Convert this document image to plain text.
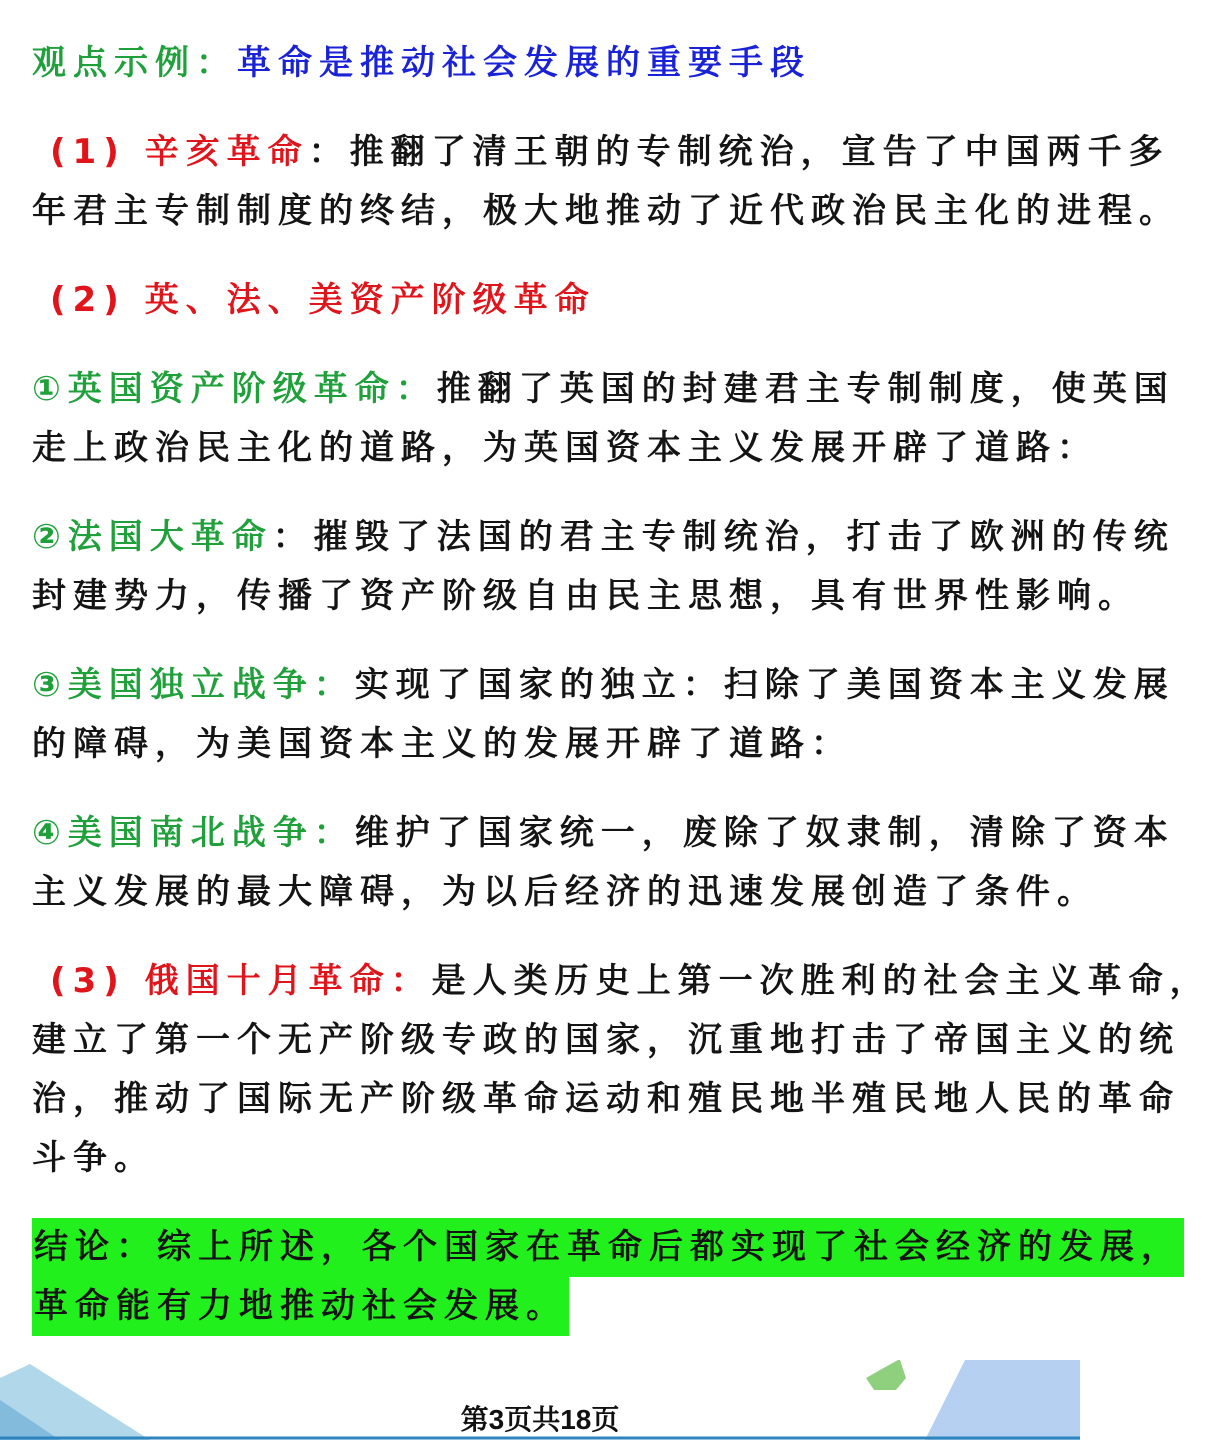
观点示例：革命是推动社会发展的重要手段
(1) 辛亥革命：推翻了清王朝的专制统治，宣告了中国两千多
年君主专制制度的终结，极大地推动了近代政治民主化的进程。
(2) 英、法、美资产阶级革命
①英国资产阶级革命：推翻了英国的封建君主专制制度，使英国
走上政治民主化的道路，为英国资本主义发展开辟了道路：
②法国大革命：摧毁了法国的君主专制统治，打击了欧洲的传统
封建势力，传播了资产阶级自由民主思想，具有世界性影响。
③美国独立战争：实现了国家的独立：扫除了美国资本主义发展
的障碍，为美国资本主义的发展开辟了道路：
④美国南北战争：维护了国家统一，废除了奴隶制，清除了资本
主义发展的最大障碍，为以后经济的迅速发展创造了条件。
(3) 俄国十月革命：是人类历史上第一次胜利的社会主义革命，
建立了第一个无产阶级专政的国家，沉重地打击了帝国主义的统
治，推动了国际无产阶级革命运动和殖民地半殖民地人民的革命
斗争。
结论：综上所述，各个国家在革命后都实现了社会经济的发展，
革命能有力地推动社会发展。
第3页共18页
